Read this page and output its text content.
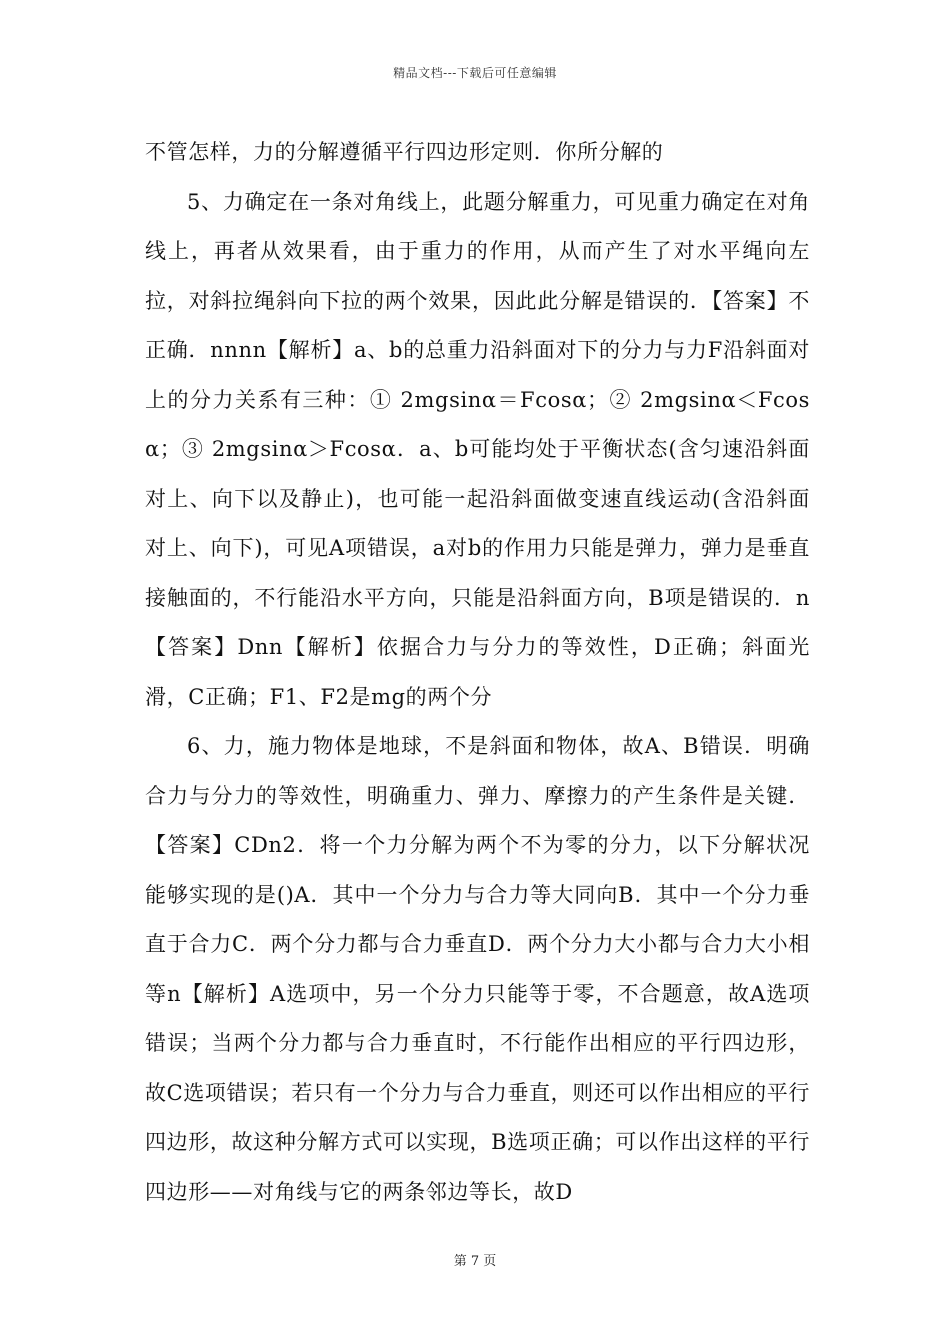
精品文档---下载后可任意编辑

不管怎样，力的分解遵循平行四边形定则．你所分解的

5、力确定在一条对角线上，此题分解重力，可见重力确定在对角线上，再者从效果看，由于重力的作用，从而产生了对水平绳向左拉，对斜拉绳斜向下拉的两个效果，因此此分解是错误的．【答案】不正确．nnnn【解析】a、b的总重力沿斜面对下的分力与力F沿斜面对上的分力关系有三种：① 2mgsinα＝Fcosα；② 2mgsinα＜Fcosα；③ 2mgsinα＞Fcosα．a、b可能均处于平衡状态(含匀速沿斜面对上、向下以及静止)，也可能一起沿斜面做变速直线运动(含沿斜面对上、向下)，可见A项错误，a对b的作用力只能是弹力，弹力是垂直接触面的，不行能沿水平方向，只能是沿斜面方向，B项是错误的．n【答案】Dnn【解析】依据合力与分力的等效性，D正确；斜面光滑，C正确；F1、F2是mg的两个分

6、力，施力物体是地球，不是斜面和物体，故A、B错误．明确合力与分力的等效性，明确重力、弹力、摩擦力的产生条件是关键．【答案】CDn2．将一个力分解为两个不为零的分力，以下分解状况能够实现的是()A．其中一个分力与合力等大同向B．其中一个分力垂直于合力C．两个分力都与合力垂直D．两个分力大小都与合力大小相等n【解析】A选项中，另一个分力只能等于零，不合题意，故A选项错误；当两个分力都与合力垂直时，不行能作出相应的平行四边形，故C选项错误；若只有一个分力与合力垂直，则还可以作出相应的平行四边形，故这种分解方式可以实现，B选项正确；可以作出这样的平行四边形——对角线与它的两条邻边等长，故D

第 7 页
